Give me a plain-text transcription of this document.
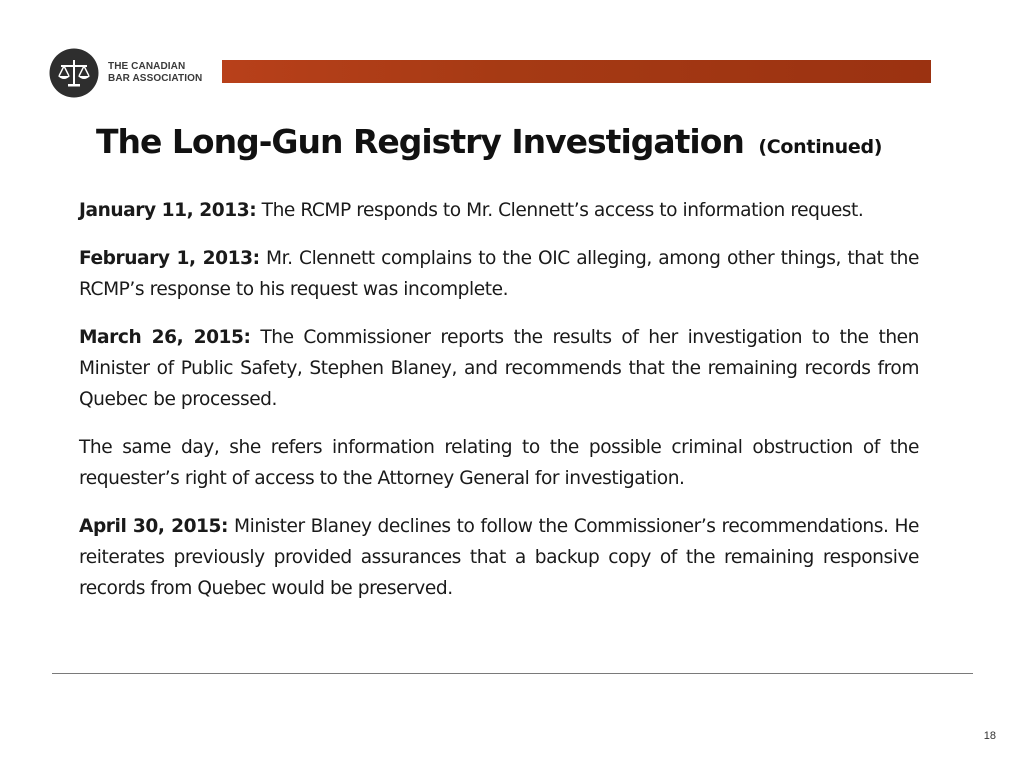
THE CANADIAN
BAR ASSOCIATION
The Long-Gun Registry Investigation (Continued)

January 11, 2013: The RCMP responds to Mr. Clennett’s access to information request.

February 1, 2013: Mr. Clennett complains to the OIC alleging, among other things, that the RCMP’s response to his request was incomplete.

March 26, 2015: The Commissioner reports the results of her investigation to the then Minister of Public Safety, Stephen Blaney, and recommends that the remaining records from Quebec be processed.

The same day, she refers information relating to the possible criminal obstruction of the requester’s right of access to the Attorney General for investigation.

April 30, 2015: Minister Blaney declines to follow the Commissioner’s recommendations. He reiterates previously provided assurances that a backup copy of the remaining responsive records from Quebec would be preserved.

18
